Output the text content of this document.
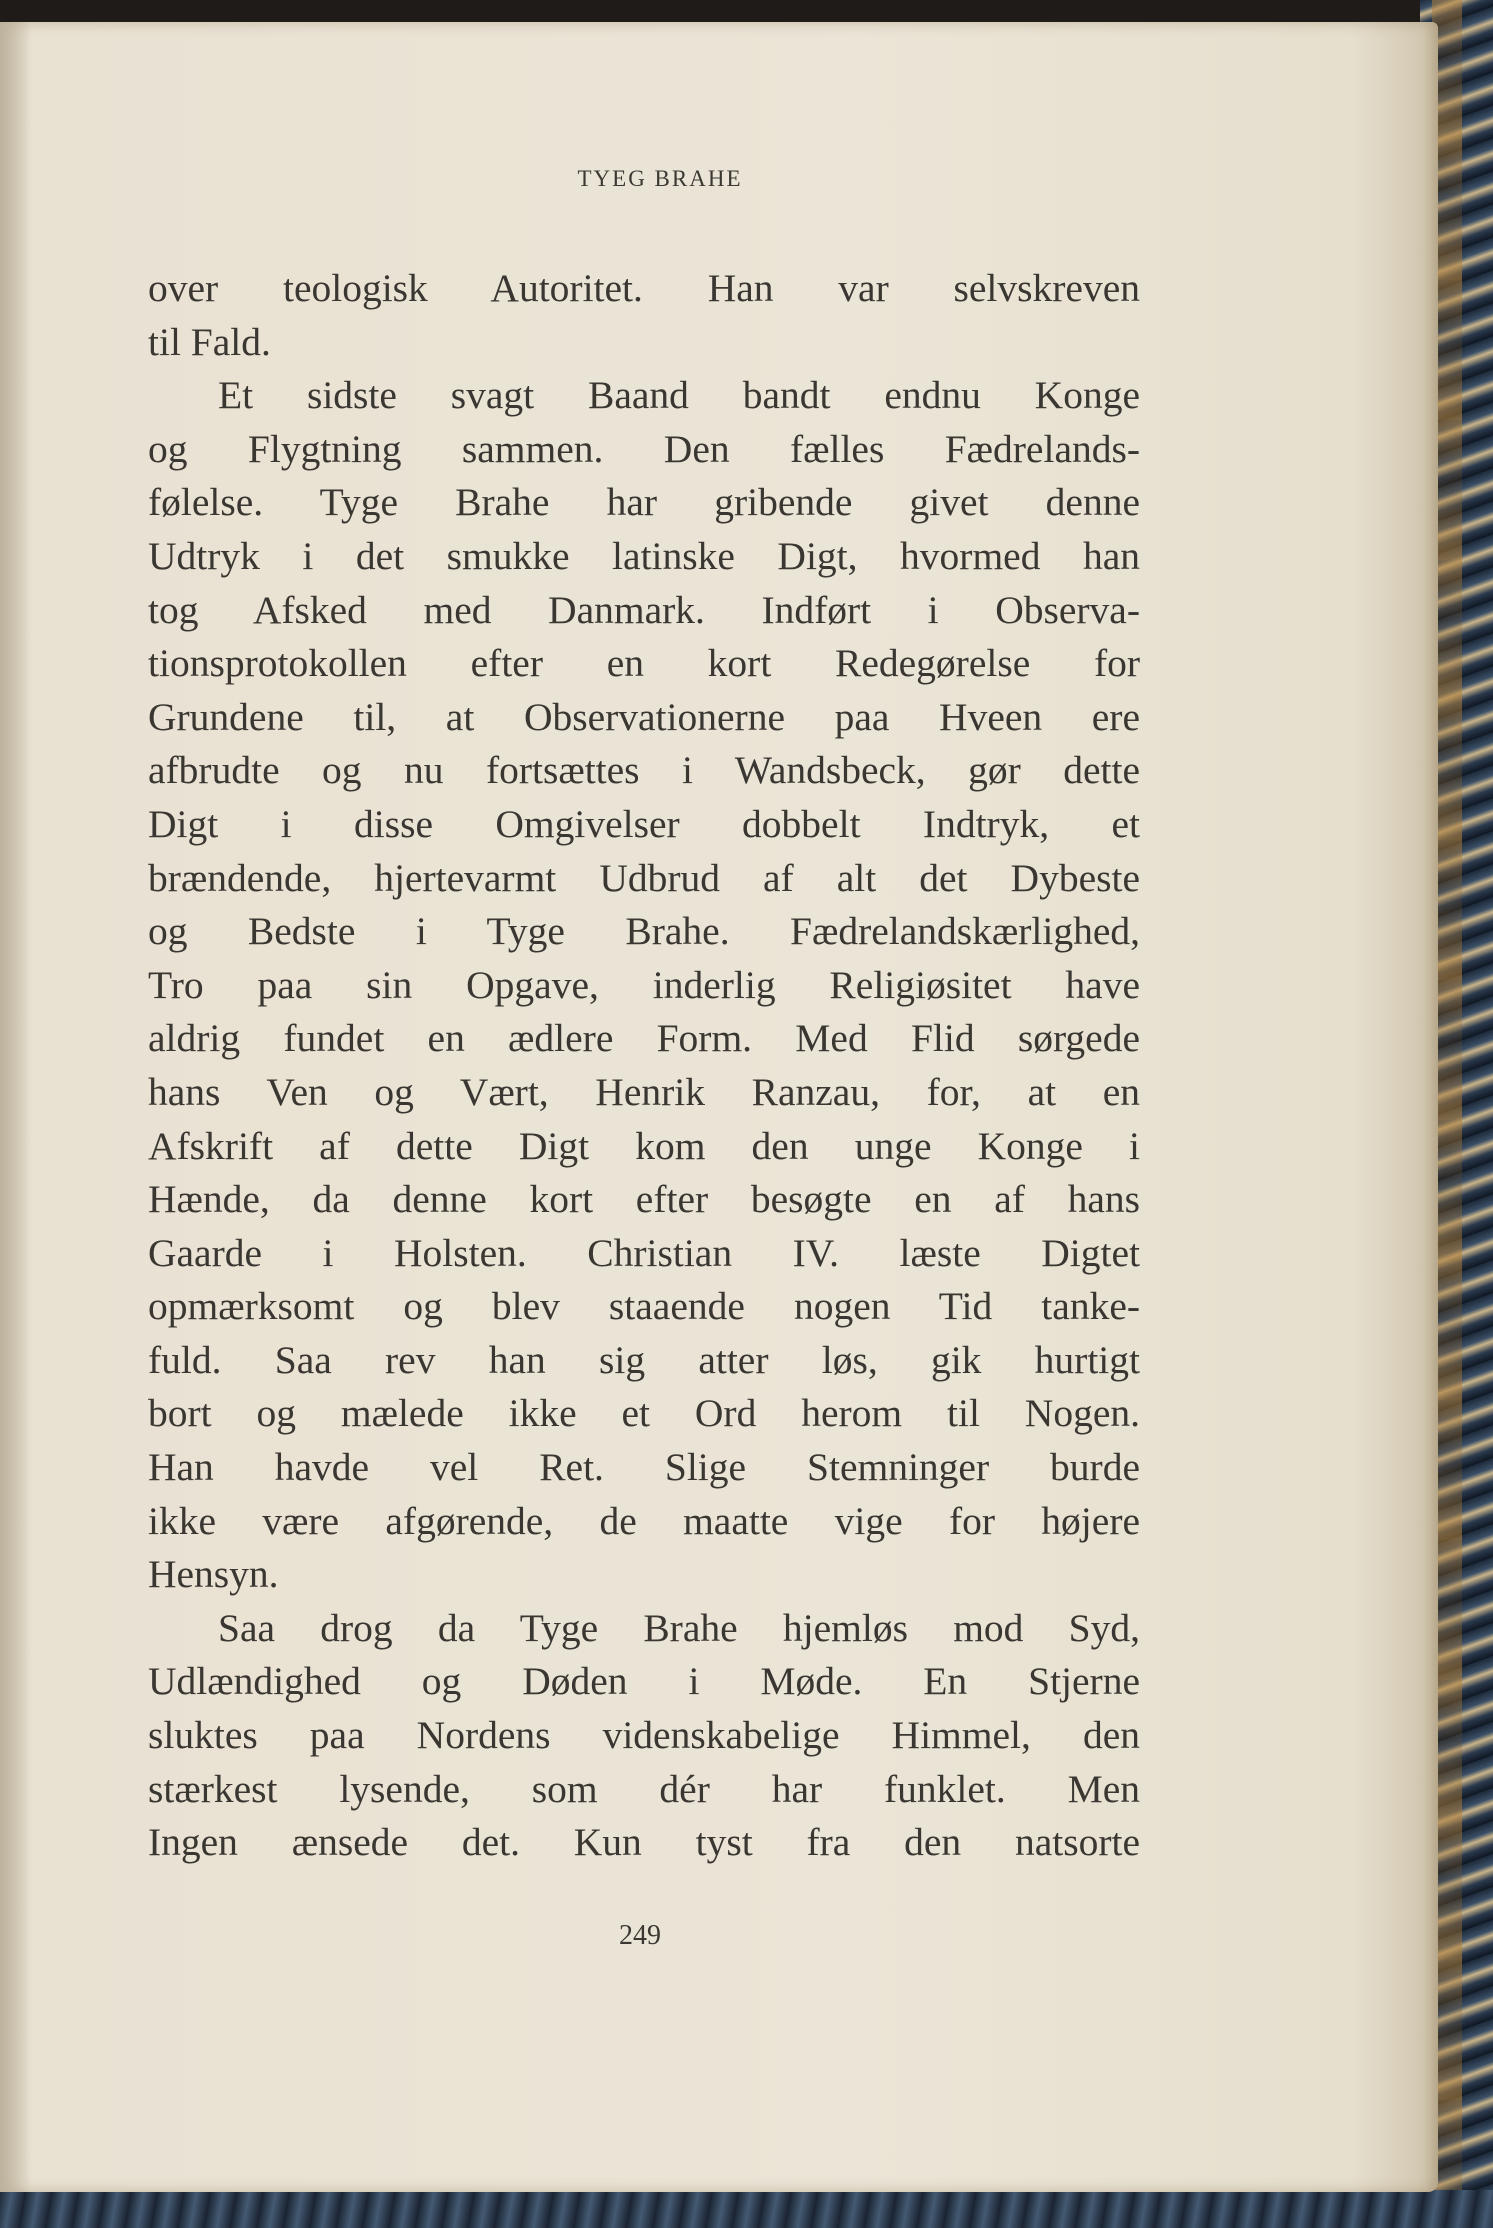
TYEG BRAHE
over teologisk Autoritet. Han var selvskreven
til Fald.
Et sidste svagt Baand bandt endnu Konge
og Flygtning sammen. Den fælles Fædrelands-
følelse. Tyge Brahe har gribende givet denne
Udtryk i det smukke latinske Digt, hvormed han
tog Afsked med Danmark. Indført i Observa-
tionsprotokollen efter en kort Redegørelse for
Grundene til, at Observationerne paa Hveen ere
afbrudte og nu fortsættes i Wandsbeck, gør dette
Digt i disse Omgivelser dobbelt Indtryk, et
brændende, hjertevarmt Udbrud af alt det Dybeste
og Bedste i Tyge Brahe. Fædrelandskærlighed,
Tro paa sin Opgave, inderlig Religiøsitet have
aldrig fundet en ædlere Form. Med Flid sørgede
hans Ven og Vært, Henrik Ranzau, for, at en
Afskrift af dette Digt kom den unge Konge i
Hænde, da denne kort efter besøgte en af hans
Gaarde i Holsten. Christian IV. læste Digtet
opmærksomt og blev staaende nogen Tid tanke-
fuld. Saa rev han sig atter løs, gik hurtigt
bort og mælede ikke et Ord herom til Nogen.
Han havde vel Ret. Slige Stemninger burde
ikke være afgørende, de maatte vige for højere
Hensyn.
Saa drog da Tyge Brahe hjemløs mod Syd,
Udlændighed og Døden i Møde. En Stjerne
sluktes paa Nordens videnskabelige Himmel, den
stærkest lysende, som dér har funklet. Men
Ingen ænsede det. Kun tyst fra den natsorte
249
